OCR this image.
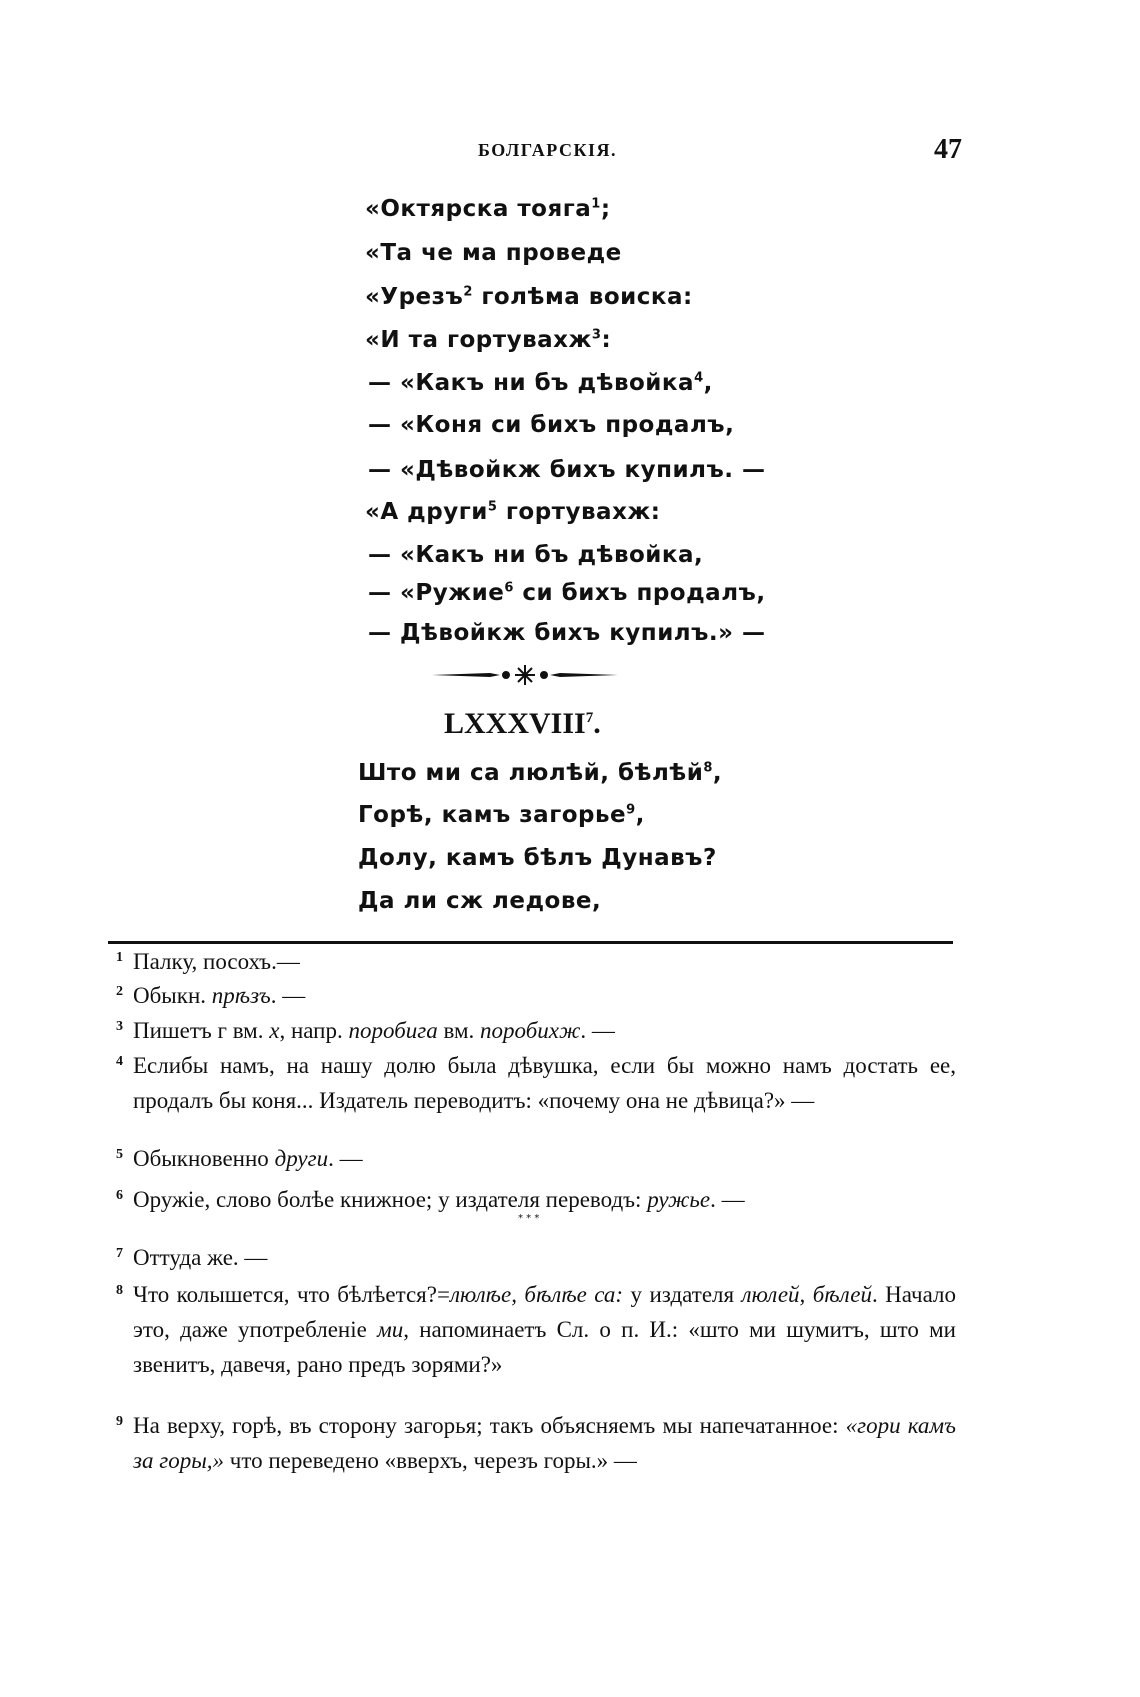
БОЛГАРСКІЯ.	47

«Октярска тояга$^1$;

«Та че ма проведе

«Урезъ$^2$ голѣма воиска:

«И та гортувахж$^3$:

— «Какъ ни бъ дѣвойка$^4$,

— «Коня си бихъ продалъ,

— «Дѣвойкж бихъ купилъ. —

«А други$^5$ гортувахж:

— «Какъ ни бъ дѣвойка,

— «Ружие$^6$ си бихъ продалъ,

— Дѣвойкж бихъ купилъ.» —

LXXXVIII$^7$.

Што ми са люлѣй, бѣлѣй$^8$,

Горѣ, камъ загорье$^9$,

Долу, камъ бѣлъ Дунавъ?

Да ли сж ледове,

1 Палку, посохъ.—
2 Обыкн. прѣзъ. —
3 Пишетъ г вм. x, напр. поробига вм. поробихж. —
4 Еслибы намъ, на нашу долю была дѣвушка, если бы можно намъ достать ее, продалъ бы коня... Издатель переводитъ: «почему она не дѣвица?» —
5 Обыкновенно други. —
6 Оружіе, слово болѣе книжное; у издателя переводъ: ружье. —
* * *
7 Оттуда же. —
8 Что колышется, что бѣлѣется?=люлѣе, бѣлѣе са: у издателя люлей, бѣлей. Начало это, даже употребленіе ми, напоминаетъ Сл. о п. И.: «што ми шумитъ, што ми звенитъ, давечя, рано предъ зорями?»
9 На верху, горѣ, въ сторону загорья; такъ объясняемъ мы напечатанное: «гори камъ за горы,» что переведено «вверхъ, черезъ горы.» —
